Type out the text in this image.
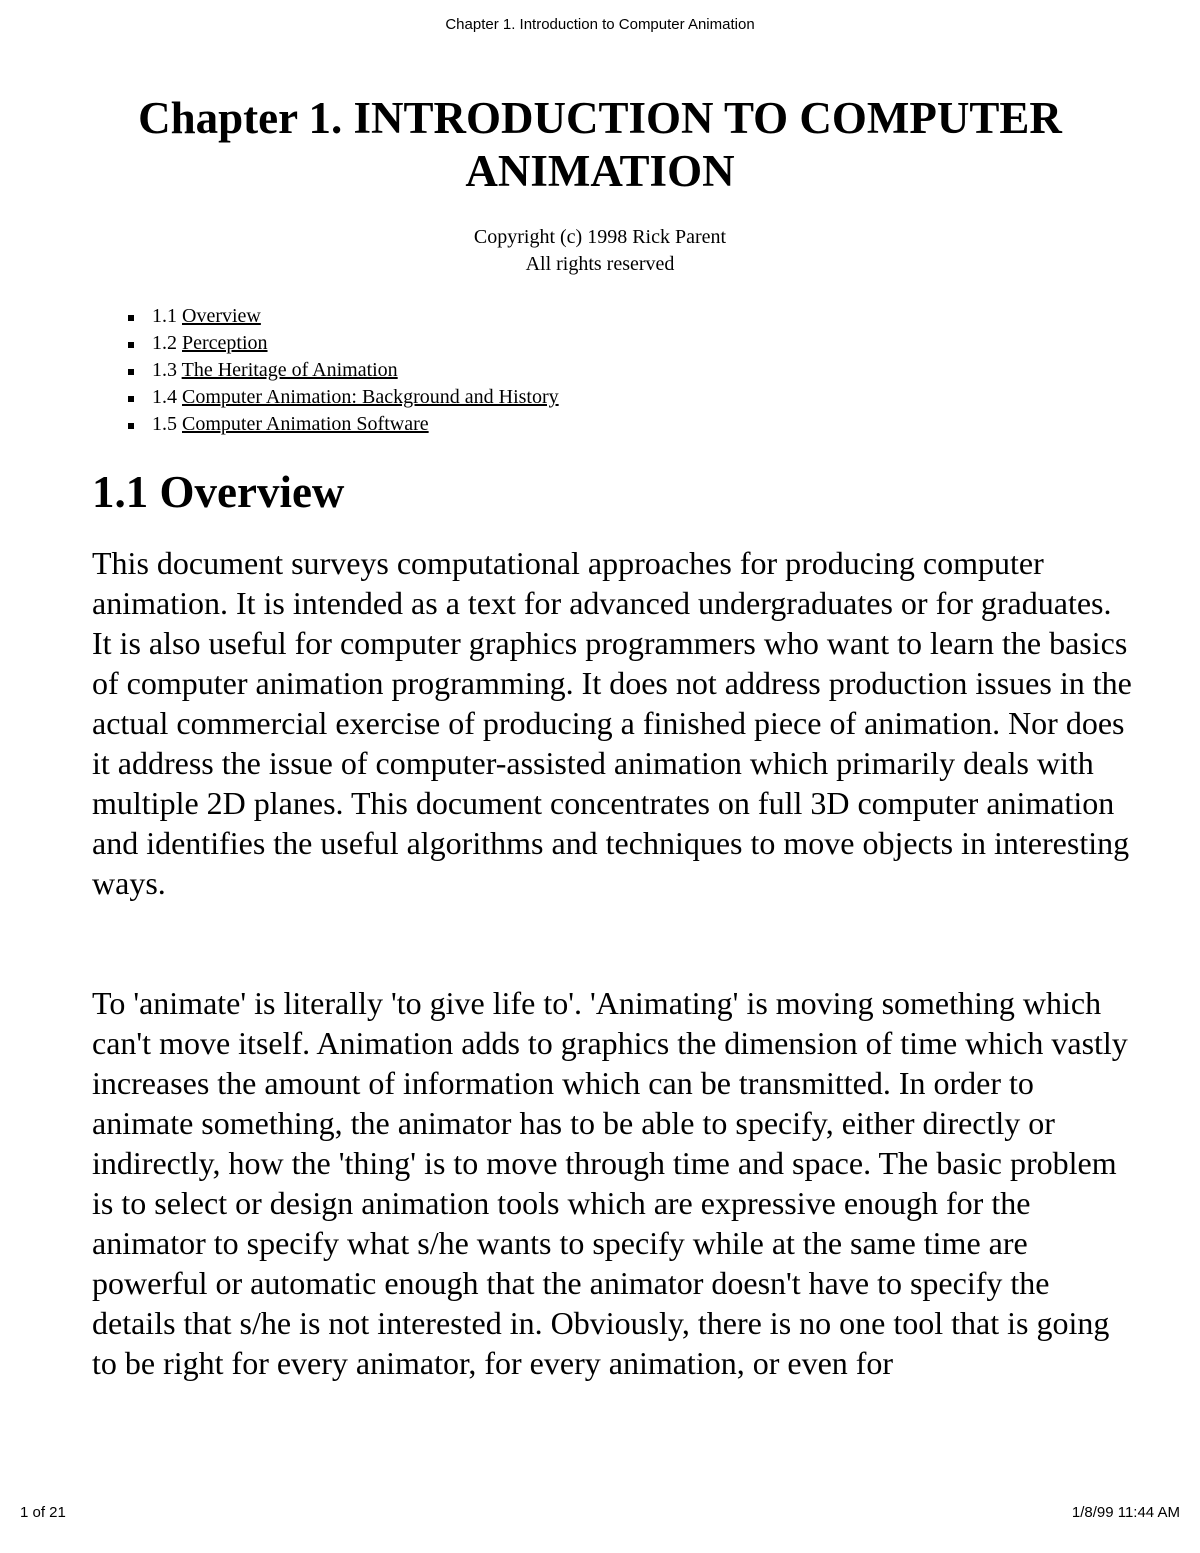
Chapter 1. Introduction to Computer Animation
Chapter 1. INTRODUCTION TO COMPUTER ANIMATION
Copyright (c) 1998 Rick Parent
All rights reserved
1.1 Overview
1.2 Perception
1.3 The Heritage of Animation
1.4 Computer Animation: Background and History
1.5 Computer Animation Software
1.1 Overview

This document surveys computational approaches for producing computer animation. It is intended as a text for advanced undergraduates or for graduates. It is also useful for computer graphics programmers who want to learn the basics of computer animation programming. It does not address production issues in the actual commercial exercise of producing a finished piece of animation. Nor does it address the issue of computer-assisted animation which primarily deals with multiple 2D planes. This document concentrates on full 3D computer animation and identifies the useful algorithms and techniques to move objects in interesting ways.

To 'animate' is literally 'to give life to'. 'Animating' is moving something which can't move itself. Animation adds to graphics the dimension of time which vastly increases the amount of information which can be transmitted. In order to animate something, the animator has to be able to specify, either directly or indirectly, how the 'thing' is to move through time and space. The basic problem is to select or design animation tools which are expressive enough for the animator to specify what s/he wants to specify while at the same time are powerful or automatic enough that the animator doesn't have to specify the details that s/he is not interested in. Obviously, there is no one tool that is going to be right for every animator, for every animation, or even for

1 of 21	1/8/99 11:44 AM
